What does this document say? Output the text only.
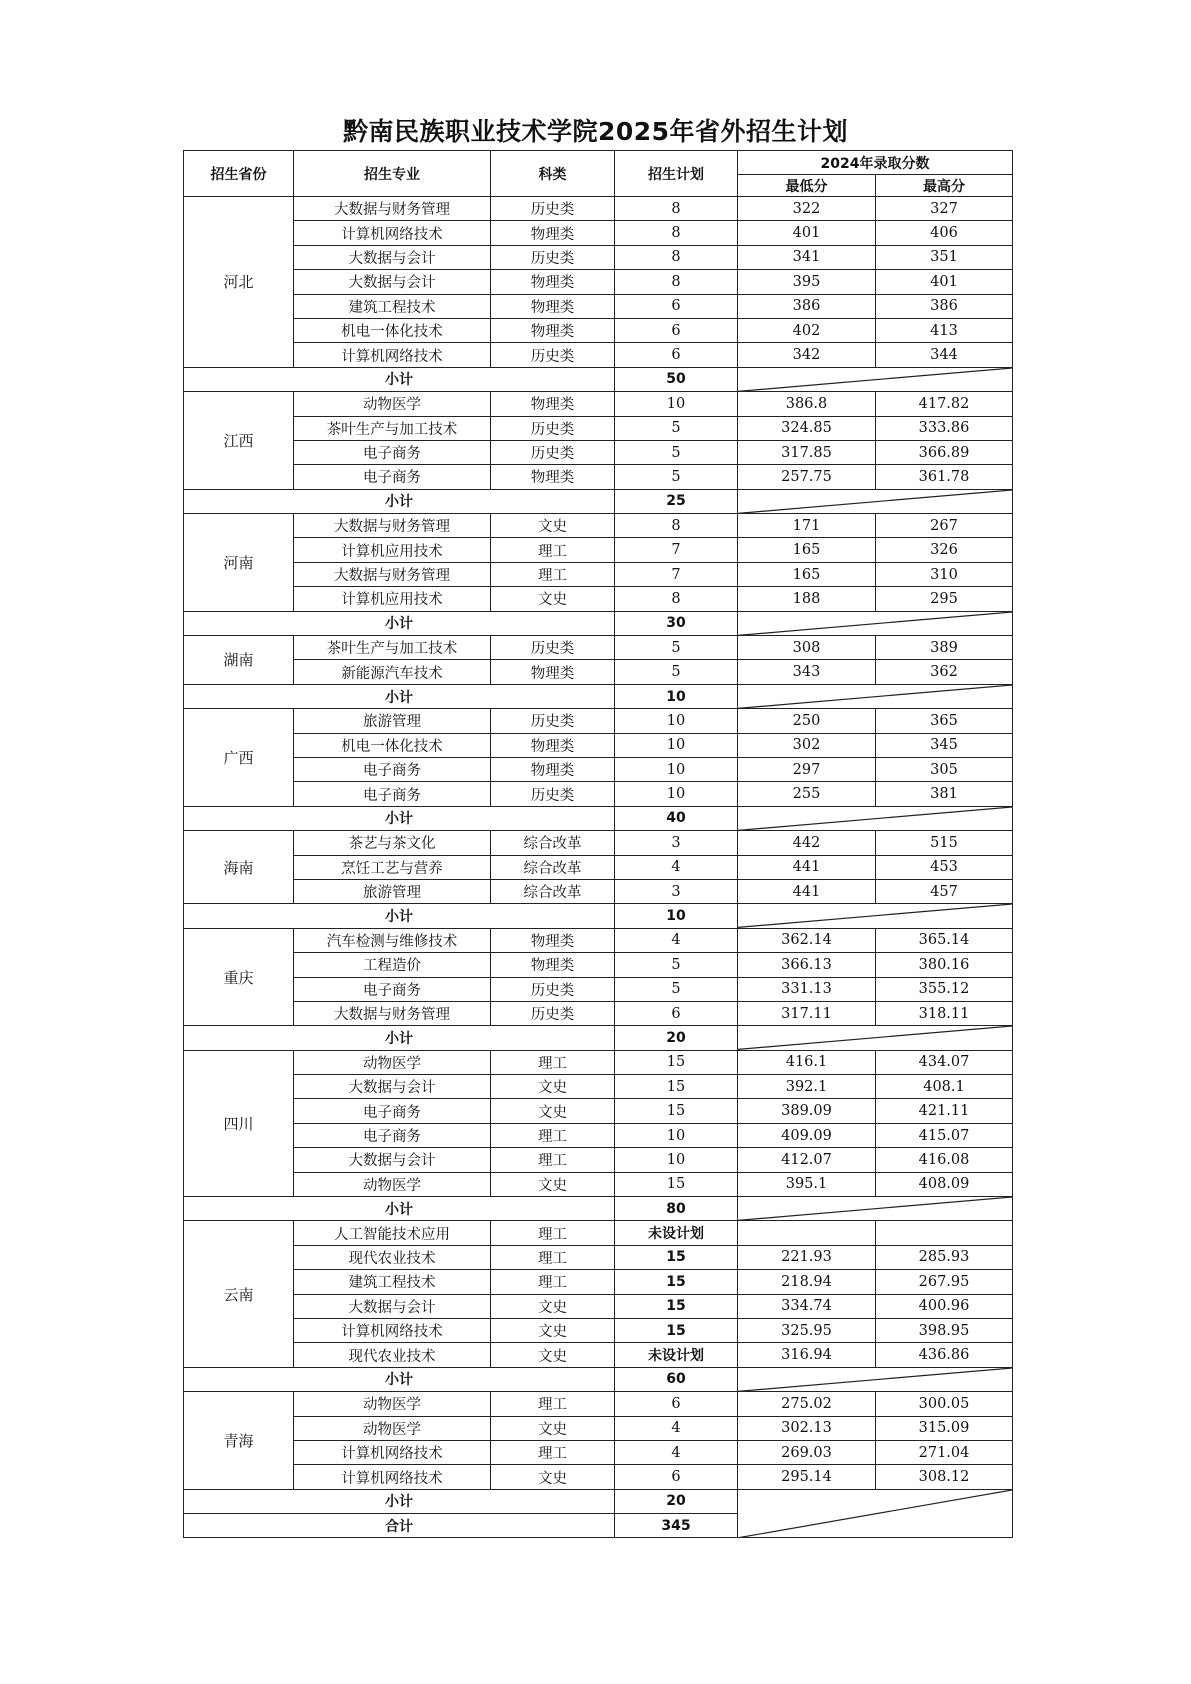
黔南民族职业技术学院2025年省外招生计划
招生省份	招生专业	科类	招生计划	2024年录取分数	
				最低分	最高分
河北	大数据与财务管理	历史类	8	322	327
	计算机网络技术	物理类	8	401	406
	大数据与会计	历史类	8	341	351
	大数据与会计	物理类	8	395	401
	建筑工程技术	物理类	6	386	386
	机电一体化技术	物理类	6	402	413
	计算机网络技术	历史类	6	342	344
小计			50	

江西	动物医学	物理类	10	386.8	417.82
	茶叶生产与加工技术	历史类	5	324.85	333.86
	电子商务	历史类	5	317.85	366.89
	电子商务	物理类	5	257.75	361.78
小计			25	

河南	大数据与财务管理	文史	8	171	267
	计算机应用技术	理工	7	165	326
	大数据与财务管理	理工	7	165	310
	计算机应用技术	文史	8	188	295
小计			30	

湖南	茶叶生产与加工技术	历史类	5	308	389
	新能源汽车技术	物理类	5	343	362
小计			10	

广西	旅游管理	历史类	10	250	365
	机电一体化技术	物理类	10	302	345
	电子商务	物理类	10	297	305
	电子商务	历史类	10	255	381
小计			40	

海南	茶艺与茶文化	综合改革	3	442	515
	烹饪工艺与营养	综合改革	4	441	453
	旅游管理	综合改革	3	441	457
小计			10	

重庆	汽车检测与维修技术	物理类	4	362.14	365.14
	工程造价	物理类	5	366.13	380.16
	电子商务	历史类	5	331.13	355.12
	大数据与财务管理	历史类	6	317.11	318.11
小计			20	

四川	动物医学	理工	15	416.1	434.07
	大数据与会计	文史	15	392.1	408.1
	电子商务	文史	15	389.09	421.11
	电子商务	理工	10	409.09	415.07
	大数据与会计	理工	10	412.07	416.08
	动物医学	文史	15	395.1	408.09
小计			80	

云南	人工智能技术应用	理工	未设计划		
	现代农业技术	理工	15	221.93	285.93
	建筑工程技术	理工	15	218.94	267.95
	大数据与会计	文史	15	334.74	400.96
	计算机网络技术	文史	15	325.95	398.95
	现代农业技术	文史	未设计划	316.94	436.86
小计			60	

青海	动物医学	理工	6	275.02	300.05
	动物医学	文史	4	302.13	315.09
	计算机网络技术	理工	4	269.03	271.04
	计算机网络技术	文史	6	295.14	308.12
小计			20	

合计			345		
